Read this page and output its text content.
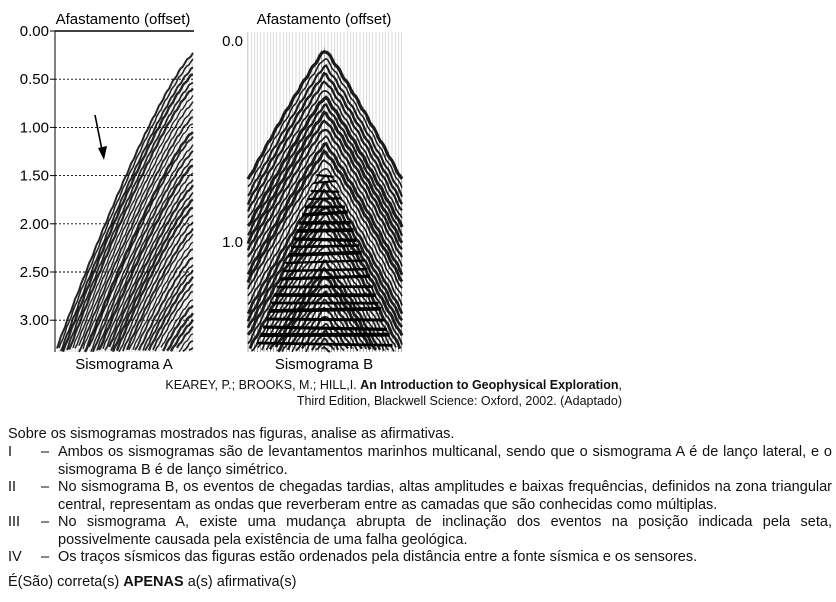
Afastamento (offset)
0.00
0.50
1.00
1.50
2.00
2.50
3.00
Sismograma A
Afastamento (offset)
0.0
1.0
Sismograma B
KEAREY, P.; BROOKS, M.; HILL,I. An Introduction to Geophysical Exploration,
Third Edition, Blackwell Science: Oxford, 2002. (Adaptado)
Sobre os sismogramas mostrados nas figuras, analise as afirmativas.
I	– Ambos os sismogramas são de levantamentos marinhos multicanal, sendo que o sismograma A é de lanço lateral, e o sismograma B é de lanço simétrico.
II	– No sismograma B, os eventos de chegadas tardias, altas amplitudes e baixas frequências, definidos na zona triangular central, representam as ondas que reverberam entre as camadas que são conhecidas como múltiplas.
III	– No sismograma A, existe uma mudança abrupta de inclinação dos eventos na posição indicada pela seta, possivelmente causada pela existência de uma falha geológica.
IV	– Os traços sísmicos das figuras estão ordenados pela distância entre a fonte sísmica e os sensores.
É(São) correta(s) APENAS a(s) afirmativa(s)
